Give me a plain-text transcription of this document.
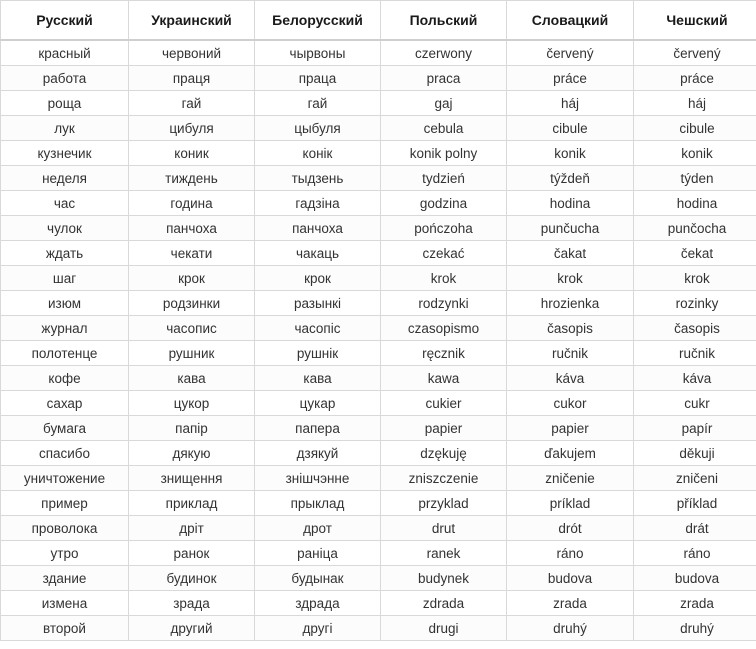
Русский	Украинский	Белорусский	Польский	Словацкий	Чешский
красный	червоний	чырвоны	czerwony	červený	červený
работа	праця	праца	praca	práce	práce
роща	гай	гай	gaj	háj	háj
лук	цибуля	цыбуля	cebula	cibule	cibule
кузнечик	коник	конік	konik polny	konik	konik
неделя	тиждень	тыдзень	tydzień	týždeň	týden
час	година	гадзіна	godzina	hodina	hodina
чулок	панчоха	панчоха	pończoha	punčucha	punčocha
ждать	чекати	чакаць	czekać	čakat	čekat
шаг	крок	крок	krok	krok	krok
изюм	родзинки	разынкі	rodzynki	hrozienka	rozinky
журнал	часопис	часопіс	czasopismo	časopis	časopis
полотенце	рушник	рушнік	ręcznik	ručnik	ručnik
кофе	кава	кава	kawa	káva	káva
сахар	цукор	цукар	cukier	cukor	cukr
бумага	папір	папера	papier	papier	papír
спасибо	дякую	дзякуй	dzękuję	ďakujem	děkuji
уничтожение	знищення	знішчэнне	zniszczenie	zničenie	zničeni
пример	приклад	прыклад	przyklad	príklad	příklad
проволока	дріт	дрот	drut	drót	drát
утро	ранок	раніца	ranek	ráno	ráno
здание	будинок	будынак	budynek	budova	budova
измена	зрада	здрада	zdrada	zrada	zrada
второй	другий	другі	drugi	druhý	druhý
